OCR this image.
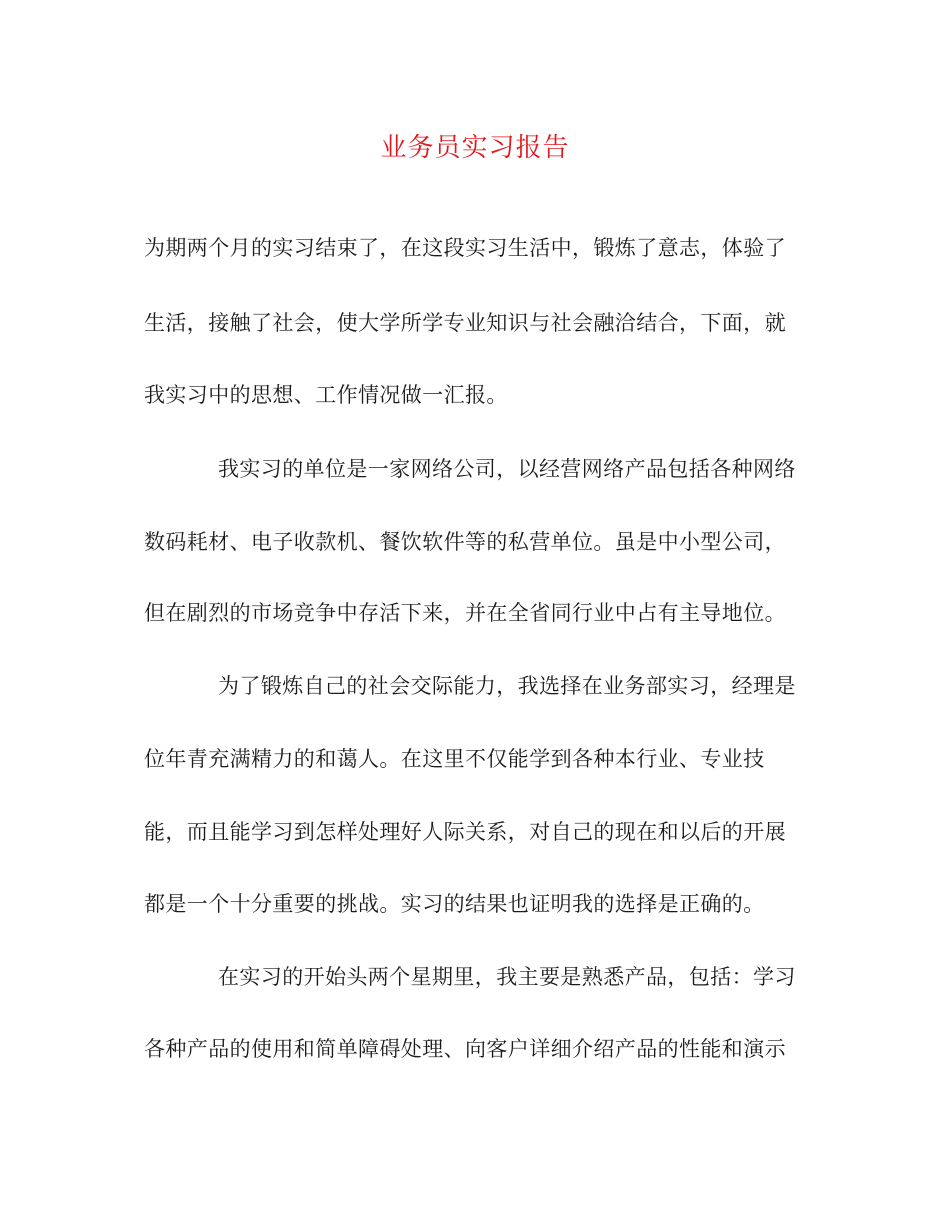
业务员实习报告
为期两个月的实习结束了，在这段实习生活中，锻炼了意志，体验了
生活，接触了社会，使大学所学专业知识与社会融洽结合，下面，就
我实习中的思想、工作情况做一汇报。
我实习的单位是一家网络公司，以经营网络产品包括各种网络
数码耗材、电子收款机、餐饮软件等的私营单位。虽是中小型公司，
但在剧烈的市场竞争中存活下来，并在全省同行业中占有主导地位。
为了锻炼自己的社会交际能力，我选择在业务部实习，经理是
位年青充满精力的和蔼人。在这里不仅能学到各种本行业、专业技
能，而且能学习到怎样处理好人际关系，对自己的现在和以后的开展
都是一个十分重要的挑战。实习的结果也证明我的选择是正确的。
在实习的开始头两个星期里，我主要是熟悉产品，包括：学习
各种产品的使用和简单障碍处理、向客户详细介绍产品的性能和演示
